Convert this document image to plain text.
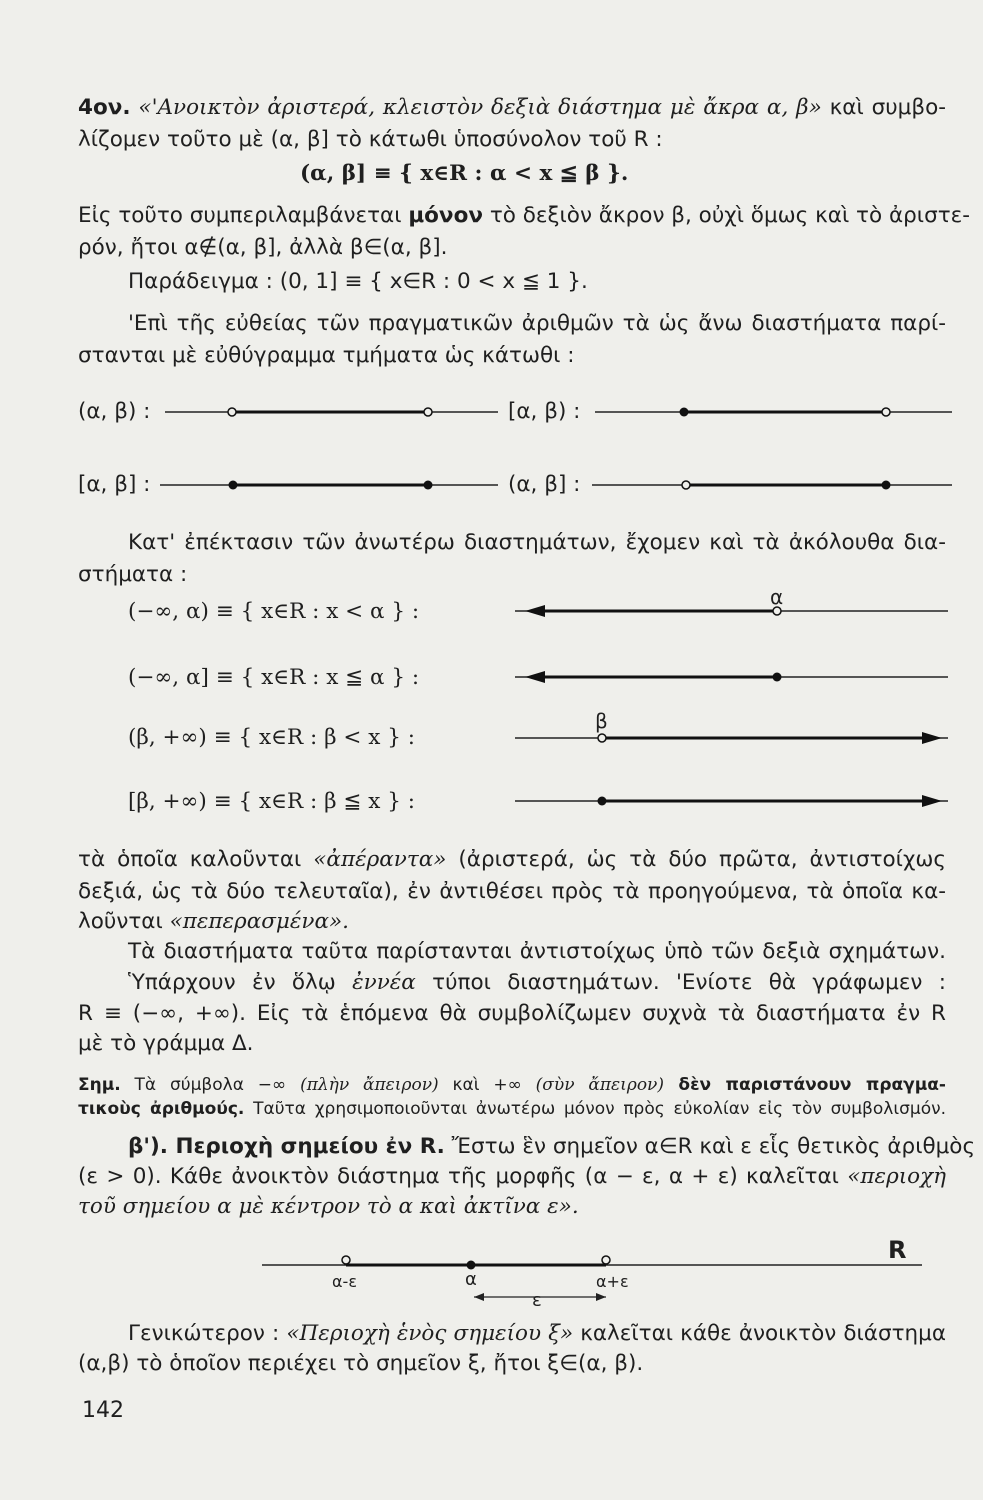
4ον. «'Ανοικτὸν ἀριστερά, κλειστὸν δεξιὰ διάστημα μὲ ἄκρα α, β» καὶ συμβο-
λίζομεν τοῦτο μὲ (α, β] τὸ κάτωθι ὑποσύνολον τοῦ R :
(α, β] ≡ { x∈R : α < x ≦ β }.
Εἰς τοῦτο συμπεριλαμβάνεται μόνον τὸ δεξιὸν ἄκρον β, οὐχὶ ὅμως καὶ τὸ ἀριστε-
ρόν, ἤτοι α∉(α, β], ἀλλὰ β∈(α, β].
Παράδειγμα : (0, 1] ≡ { x∈R : 0 < x ≦ 1 }.
'Επὶ τῆς εὐθείας τῶν πραγματικῶν ἀριθμῶν τὰ ὡς ἄνω διαστήματα παρί-
στανται μὲ εὐθύγραμμα τμήματα ὡς κάτωθι :
(α, β) :	[α, β) :
[α, β] :	(α, β] :
Κατ' ἐπέκτασιν τῶν ἀνωτέρω διαστημάτων, ἔχομεν καὶ τὰ ἀκόλουθα δια-
στήματα :
(−∞, α) ≡ { x∈R : x < α } :
α
(−∞, α] ≡ { x∈R : x ≦ α } :
(β, +∞) ≡ { x∈R : β < x } :
β
[β, +∞) ≡ { x∈R : β ≦ x } :
τὰ ὁποῖα καλοῦνται «ἀπέραντα» (ἀριστερά, ὡς τὰ δύο πρῶτα, ἀντιστοίχως
δεξιά, ὡς τὰ δύο τελευταῖα), ἐν ἀντιθέσει πρὸς τὰ προηγούμενα, τὰ ὁποῖα κα-
λοῦνται «πεπερασμένα».
Τὰ διαστήματα ταῦτα παρίστανται ἀντιστοίχως ὑπὸ τῶν δεξιὰ σχημάτων.
Ὑπάρχουν ἐν ὅλῳ ἐννέα τύποι διαστημάτων. 'Ενίοτε θὰ γράφωμεν :
R ≡ (−∞, +∞). Εἰς τὰ ἑπόμενα θὰ συμβολίζωμεν συχνὰ τὰ διαστήματα ἐν R
μὲ τὸ γράμμα Δ.
Σημ. Τὰ σύμβολα −∞ (πλὴν ἄπειρον) καὶ +∞ (σὺν ἄπειρον) δὲν παριστάνουν πραγμα-
τικοὺς ἀριθμούς. Ταῦτα χρησιμοποιοῦνται ἀνωτέρω μόνον πρὸς εὐκολίαν εἰς τὸν συμβολισμόν.
β'). Περιοχὴ σημείου ἐν R. Ἔστω ἓν σημεῖον α∈R καὶ ε εἷς θετικὸς ἀριθμὸς
(ε > 0). Κάθε ἀνοικτὸν διάστημα τῆς μορφῆς (α − ε, α + ε) καλεῖται «περιοχὴ
τοῦ σημείου α μὲ κέντρον τὸ α καὶ ἀκτῖνα ε».
α-ε	α	α+ε
ε
R
Γενικώτερον : «Περιοχὴ ἑνὸς σημείου ξ» καλεῖται κάθε ἀνοικτὸν διάστημα
(α,β) τὸ ὁποῖον περιέχει τὸ σημεῖον ξ, ἤτοι ξ∈(α, β).
142
